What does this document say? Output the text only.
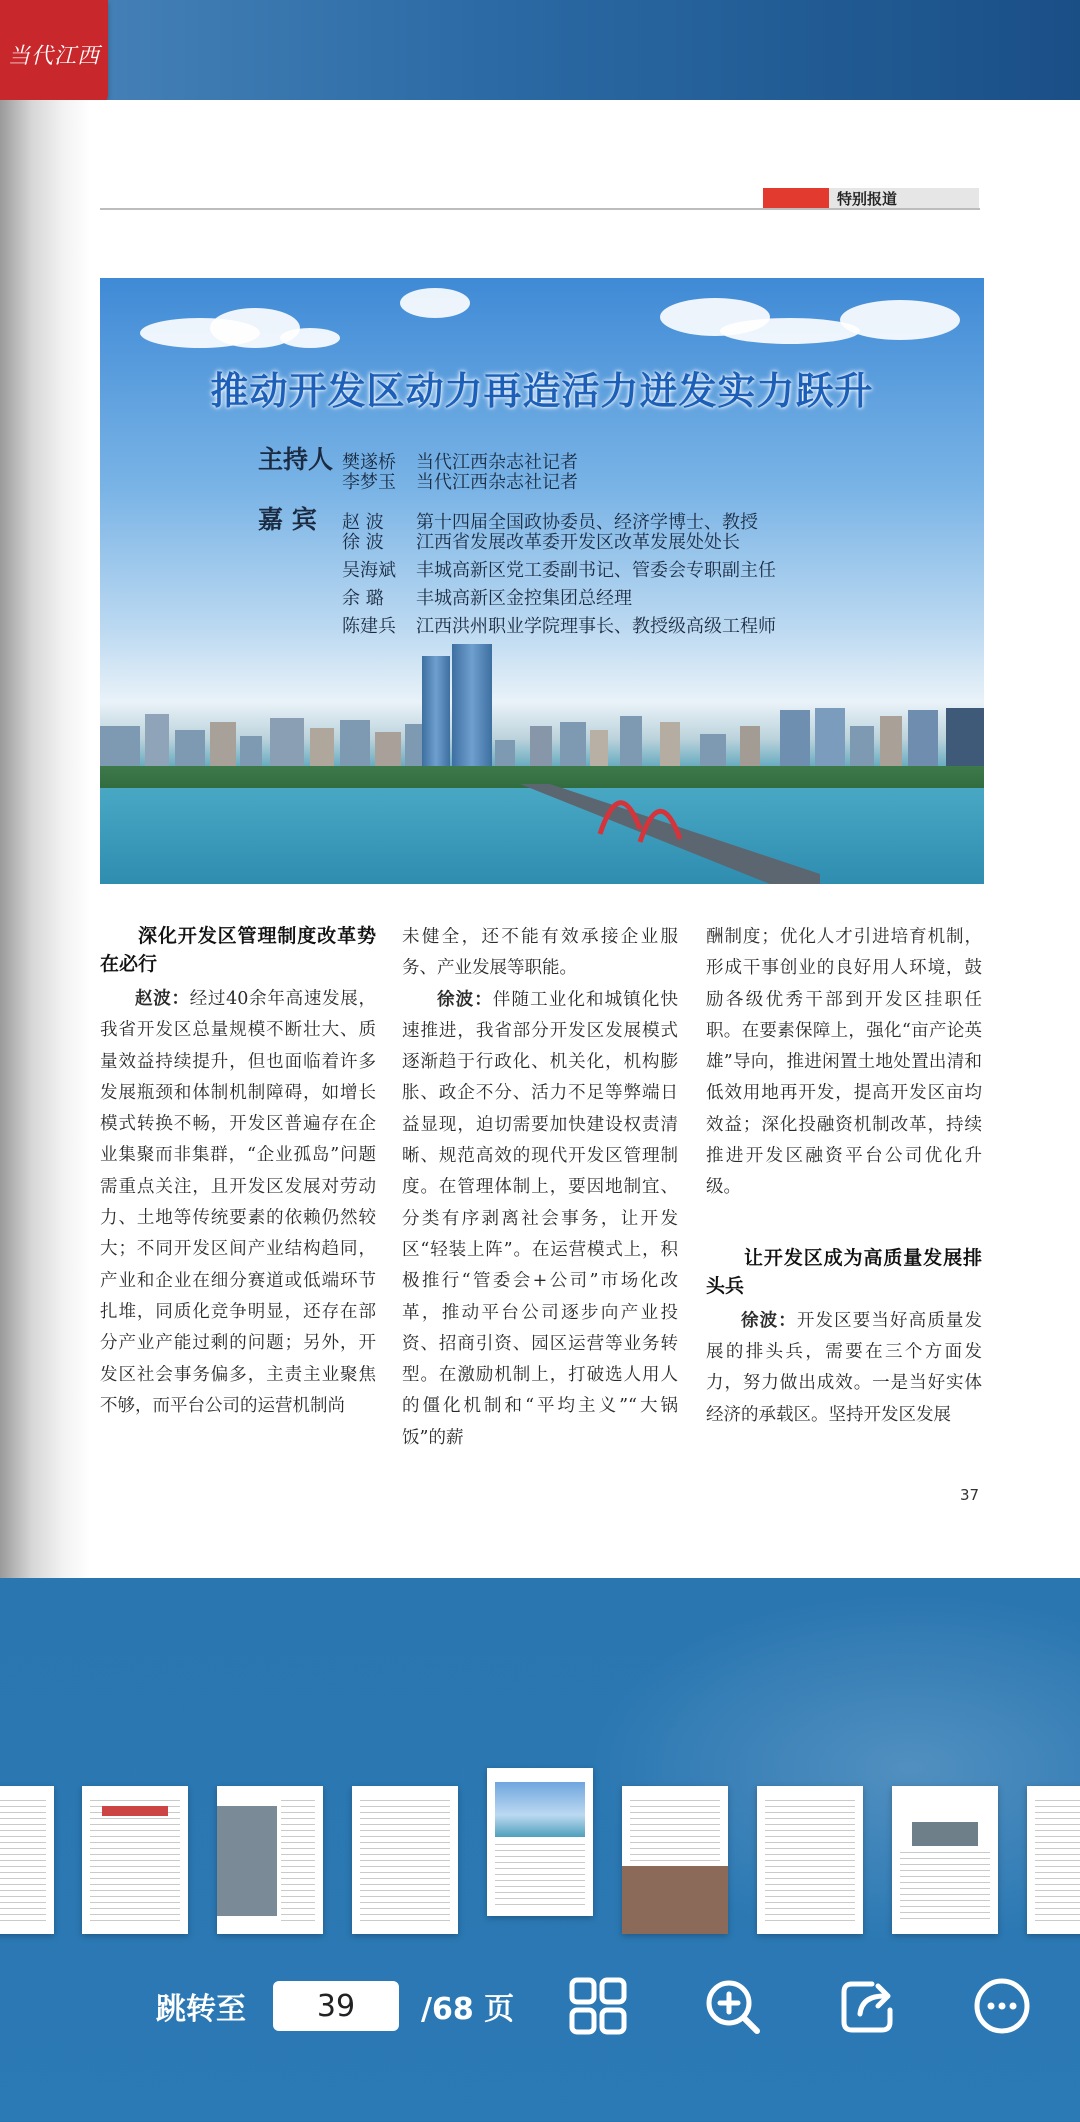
当代江西
特别报道
推动开发区动力再造活力迸发实力跃升
主持人 樊遂桥	当代江西杂志社记者
李梦玉	当代江西杂志社记者
嘉 宾	赵 波	第十四届全国政协委员、经济学博士、教授
徐 波	江西省发展改革委开发区改革发展处处长
吴海斌	丰城高新区党工委副书记、管委会专职副主任
余 璐	丰城高新区金控集团总经理
陈建兵	江西洪州职业学院理事长、教授级高级工程师
深化开发区管理制度改革势在必行

赵波：经过40余年高速发展，我省开发区总量规模不断壮大、质量效益持续提升，但也面临着许多发展瓶颈和体制机制障碍，如增长模式转换不畅，开发区普遍存在企业集聚而非集群，“企业孤岛”问题需重点关注，且开发区发展对劳动力、土地等传统要素的依赖仍然较大；不同开发区间产业结构趋同，产业和企业在细分赛道或低端环节扎堆，同质化竞争明显，还存在部分产业产能过剩的问题；另外，开发区社会事务偏多，主责主业聚焦不够，而平台公司的运营机制尚

未健全，还不能有效承接企业服务、产业发展等职能。

徐波：伴随工业化和城镇化快速推进，我省部分开发区发展模式逐渐趋于行政化、机关化，机构膨胀、政企不分、活力不足等弊端日益显现，迫切需要加快建设权责清晰、规范高效的现代开发区管理制度。在管理体制上，要因地制宜、分类有序剥离社会事务，让开发区“轻装上阵”。在运营模式上，积极推行“管委会+公司”市场化改革，推动平台公司逐步向产业投资、招商引资、园区运营等业务转型。在激励机制上，打破选人用人的僵化机制和“平均主义”“大锅饭”的薪

酬制度；优化人才引进培育机制，形成干事创业的良好用人环境，鼓励各级优秀干部到开发区挂职任职。在要素保障上，强化“亩产论英雄”导向，推进闲置土地处置出清和低效用地再开发，提高开发区亩均效益；深化投融资机制改革，持续推进开发区融资平台公司优化升级。

让开发区成为高质量发展排头兵

徐波：开发区要当好高质量发展的排头兵，需要在三个方面发力，努力做出成效。一是当好实体经济的承载区。坚持开发区发展

37
跳转至
39	/68 页
